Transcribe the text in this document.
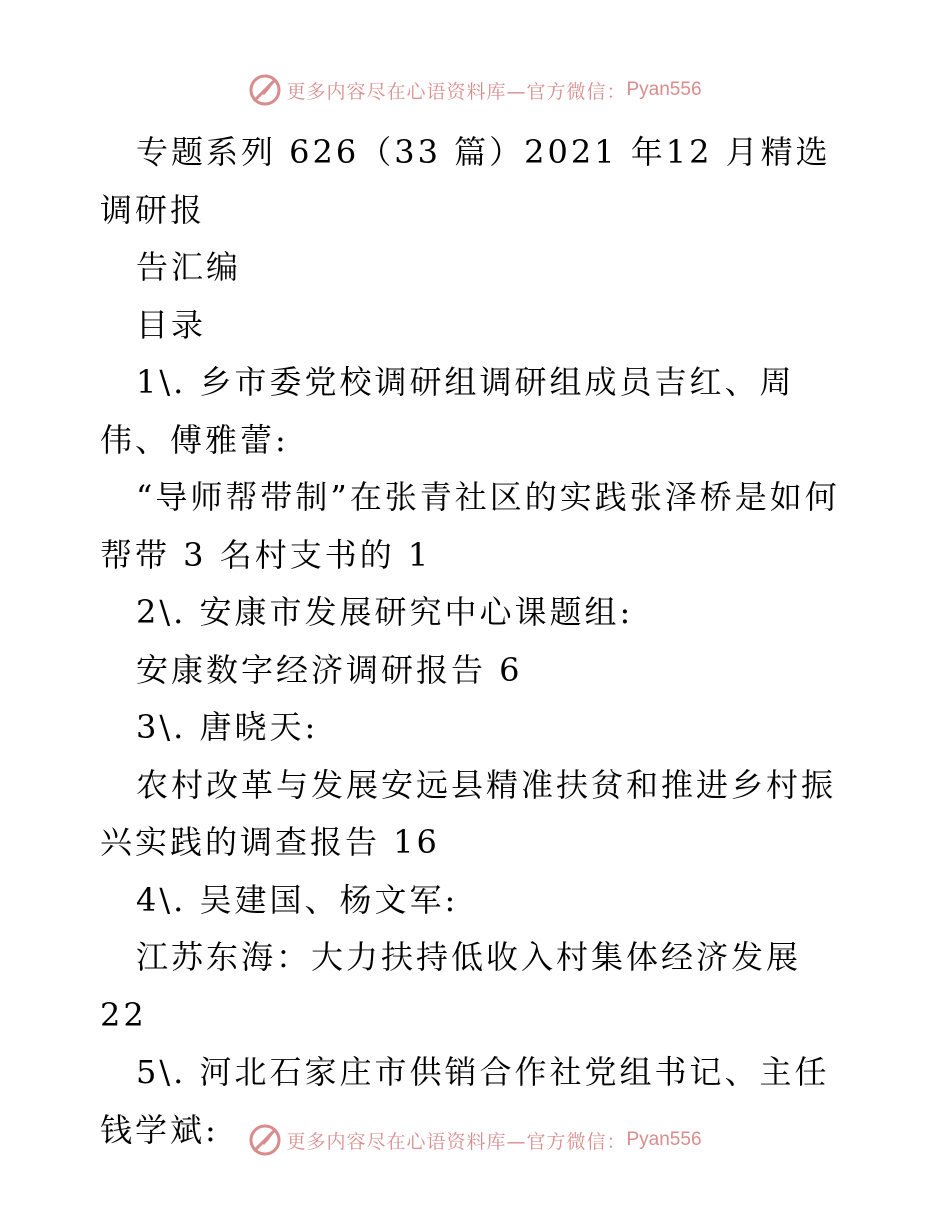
更多内容尽在心语资料库—官方微信： Pyan556

专题系列 626（33 篇）2021 年12 月精选调研报

告汇编

目录

1\. 乡市委党校调研组调研组成员吉红、周伟、傅雅蕾:

“导师帮带制”在张青社区的实践张泽桥是如何帮带 3 名村支书的 1

2\. 安康市发展研究中心课题组:

安康数字经济调研报告 6

3\. 唐晓天:

农村改革与发展安远县精准扶贫和推进乡村振兴实践的调查报告 16

4\. 吴建国、杨文军:

江苏东海：大力扶持低收入村集体经济发展 22

5\. 河北石家庄市供销合作社党组书记、主任钱学斌:	更多内容尽在心语资料库—官方微信： Pyan556
